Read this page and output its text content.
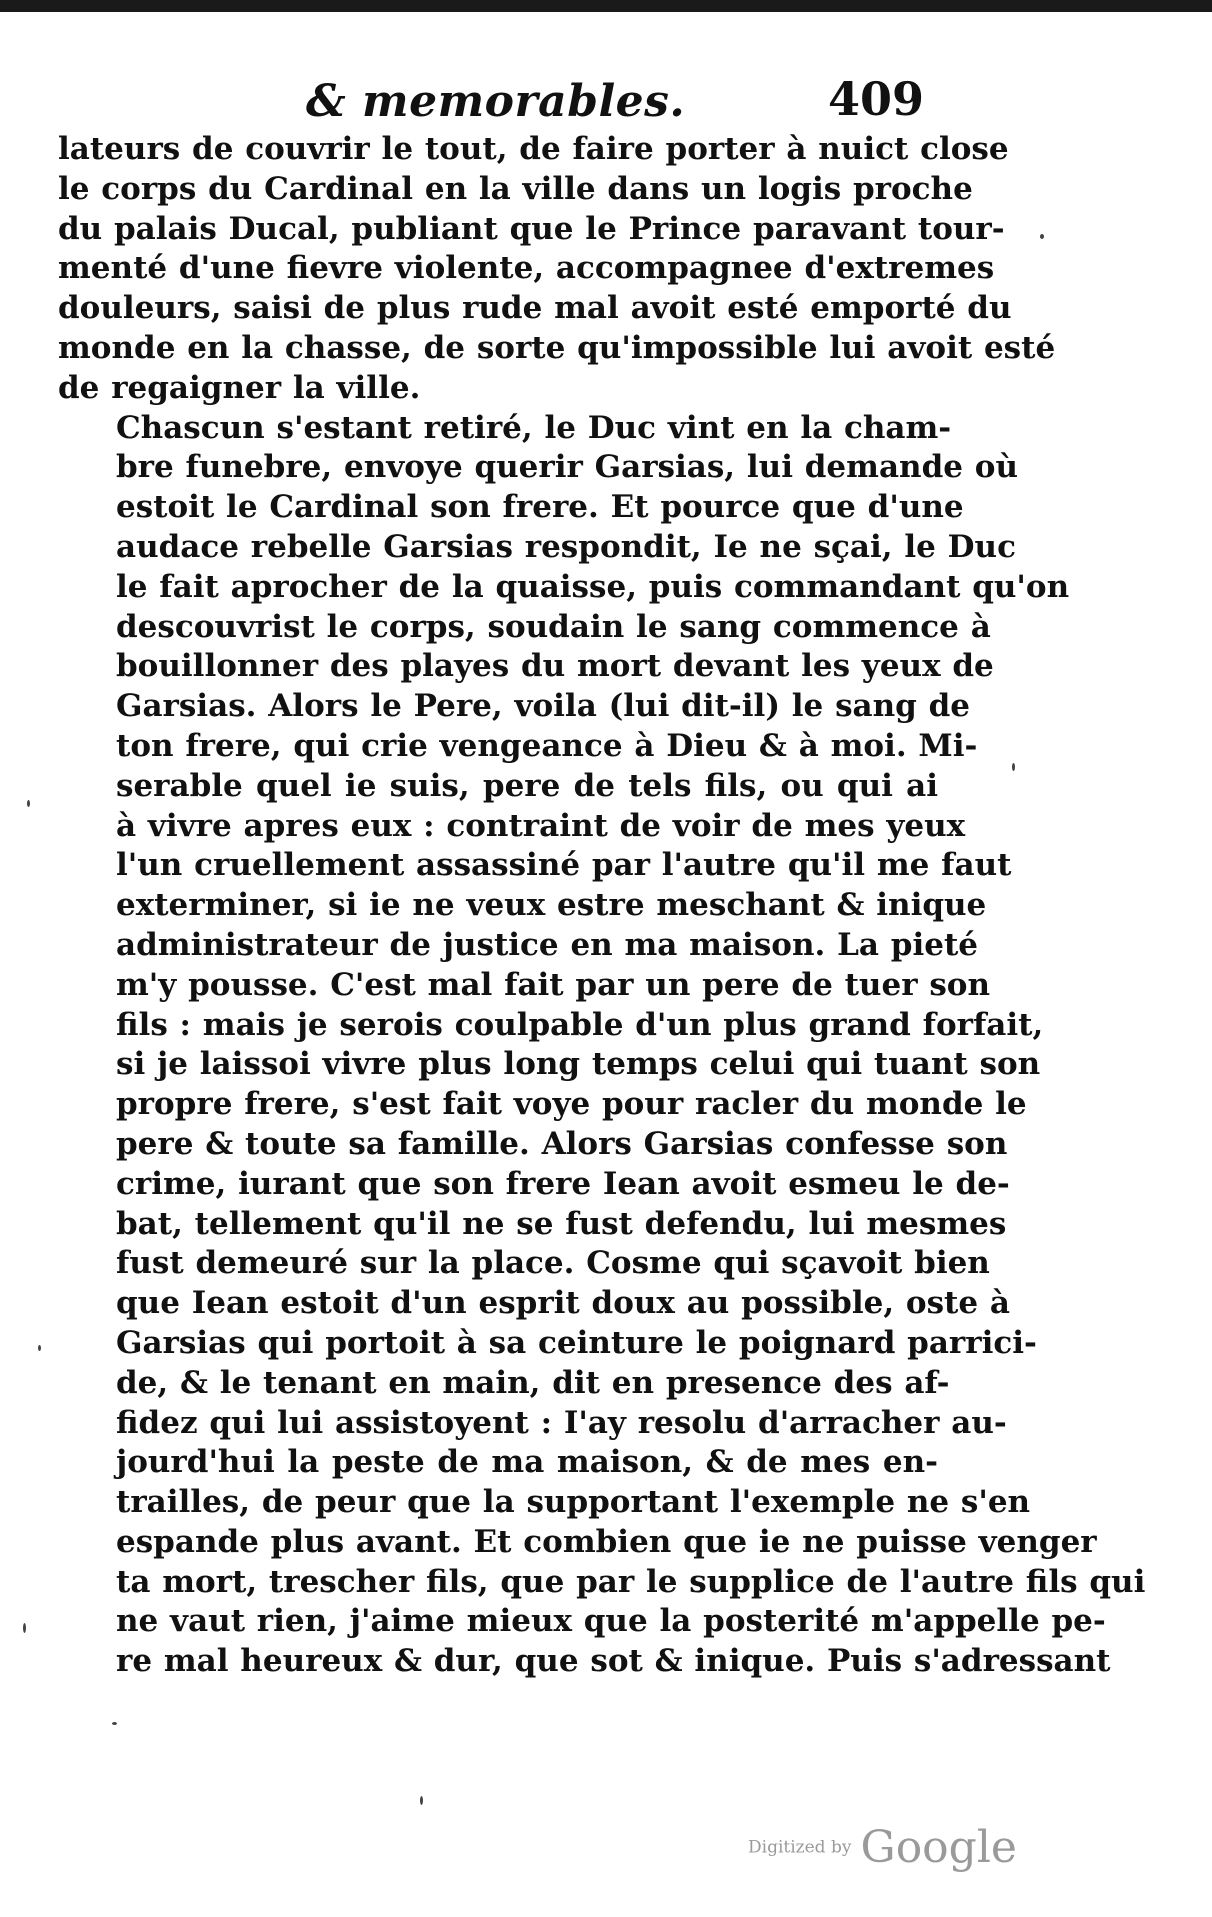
& memorables.	409

lateurs de couvrir le tout, de faire porter à nuict close
le corps du Cardinal en la ville dans un logis proche
du palais Ducal, publiant que le Prince paravant tour-
menté d'une fievre violente, accompagnee d'extremes
douleurs, saisi de plus rude mal avoit esté emporté du
monde en la chasse, de sorte qu'impossible lui avoit esté
de regaigner la ville.

Chascun s'estant retiré, le Duc vint en la cham-
bre funebre, envoye querir Garsias, lui demande où
estoit le Cardinal son frere. Et pource que d'une
audace rebelle Garsias respondit, Ie ne sçai, le Duc
le fait aprocher de la quaisse, puis commandant qu'on
descouvrist le corps, soudain le sang commence à
bouillonner des playes du mort devant les yeux de
Garsias. Alors le Pere, voila (lui dit-il) le sang de
ton frere, qui crie vengeance à Dieu & à moi. Mi-
serable quel ie suis, pere de tels fils, ou qui ai
à vivre apres eux : contraint de voir de mes yeux
l'un cruellement assassiné par l'autre qu'il me faut
exterminer, si ie ne veux estre meschant & inique
administrateur de justice en ma maison. La pieté
m'y pousse. C'est mal fait par un pere de tuer son
fils : mais je serois coulpable d'un plus grand forfait,
si je laissoi vivre plus long temps celui qui tuant son
propre frere, s'est fait voye pour racler du monde le
pere & toute sa famille. Alors Garsias confesse son
crime, iurant que son frere Iean avoit esmeu le de-
bat, tellement qu'il ne se fust defendu, lui mesmes
fust demeuré sur la place. Cosme qui sçavoit bien
que Iean estoit d'un esprit doux au possible, oste à
Garsias qui portoit à sa ceinture le poignard parrici-
de, & le tenant en main, dit en presence des af-
fidez qui lui assistoyent : I'ay resolu d'arracher au-
jourd'hui la peste de ma maison, & de mes en-
trailles, de peur que la supportant l'exemple ne s'en
espande plus avant. Et combien que ie ne puisse venger
ta mort, trescher fils, que par le supplice de l'autre fils qui
ne vaut rien, j'aime mieux que la posterité m'appelle pe-
re mal heureux & dur, que sot & inique. Puis s'adressant

Digitized by Google
